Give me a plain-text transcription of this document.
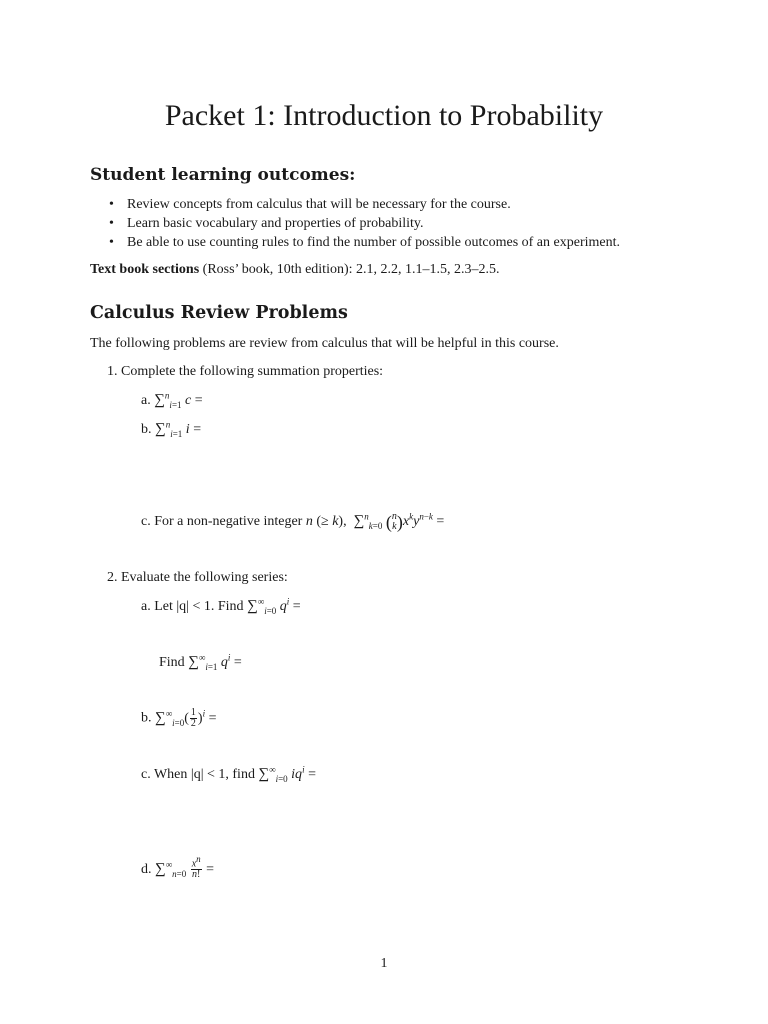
Packet 1: Introduction to Probability
Student learning outcomes:
• Review concepts from calculus that will be necessary for the course.
• Learn basic vocabulary and properties of probability.
• Be able to use counting rules to find the number of possible outcomes of an experiment.
Text book sections (Ross’ book, 10th edition): 2.1, 2.2, 1.1–1.5, 2.3–2.5.
Calculus Review Problems
The following problems are review from calculus that will be helpful in this course.
1. Complete the following summation properties:
a. ∑$^n_{i=1}$ c =
b. ∑$^n_{i=1}$ i =
c. For a non-negative integer n (≥ k),  ∑$^n_{k=0}$ (n
$k)x^ky^{n-k}$ =
2. Evaluate the following series:
a. Let |q| < 1. Find $\sum^\infty_{i=0}$ $q^i$ =
Find $\sum^\infty_{i=1}$ $q^i$ =
b. $\sum^\infty_{i=0}( \frac{1}{2} )^i$ =
c. When |q| < 1, find $\sum^\infty_{i=0}$ $iq^i$ =
d. $\sum^\infty_{n=0} \frac{x^n}{n!}$ =
1
